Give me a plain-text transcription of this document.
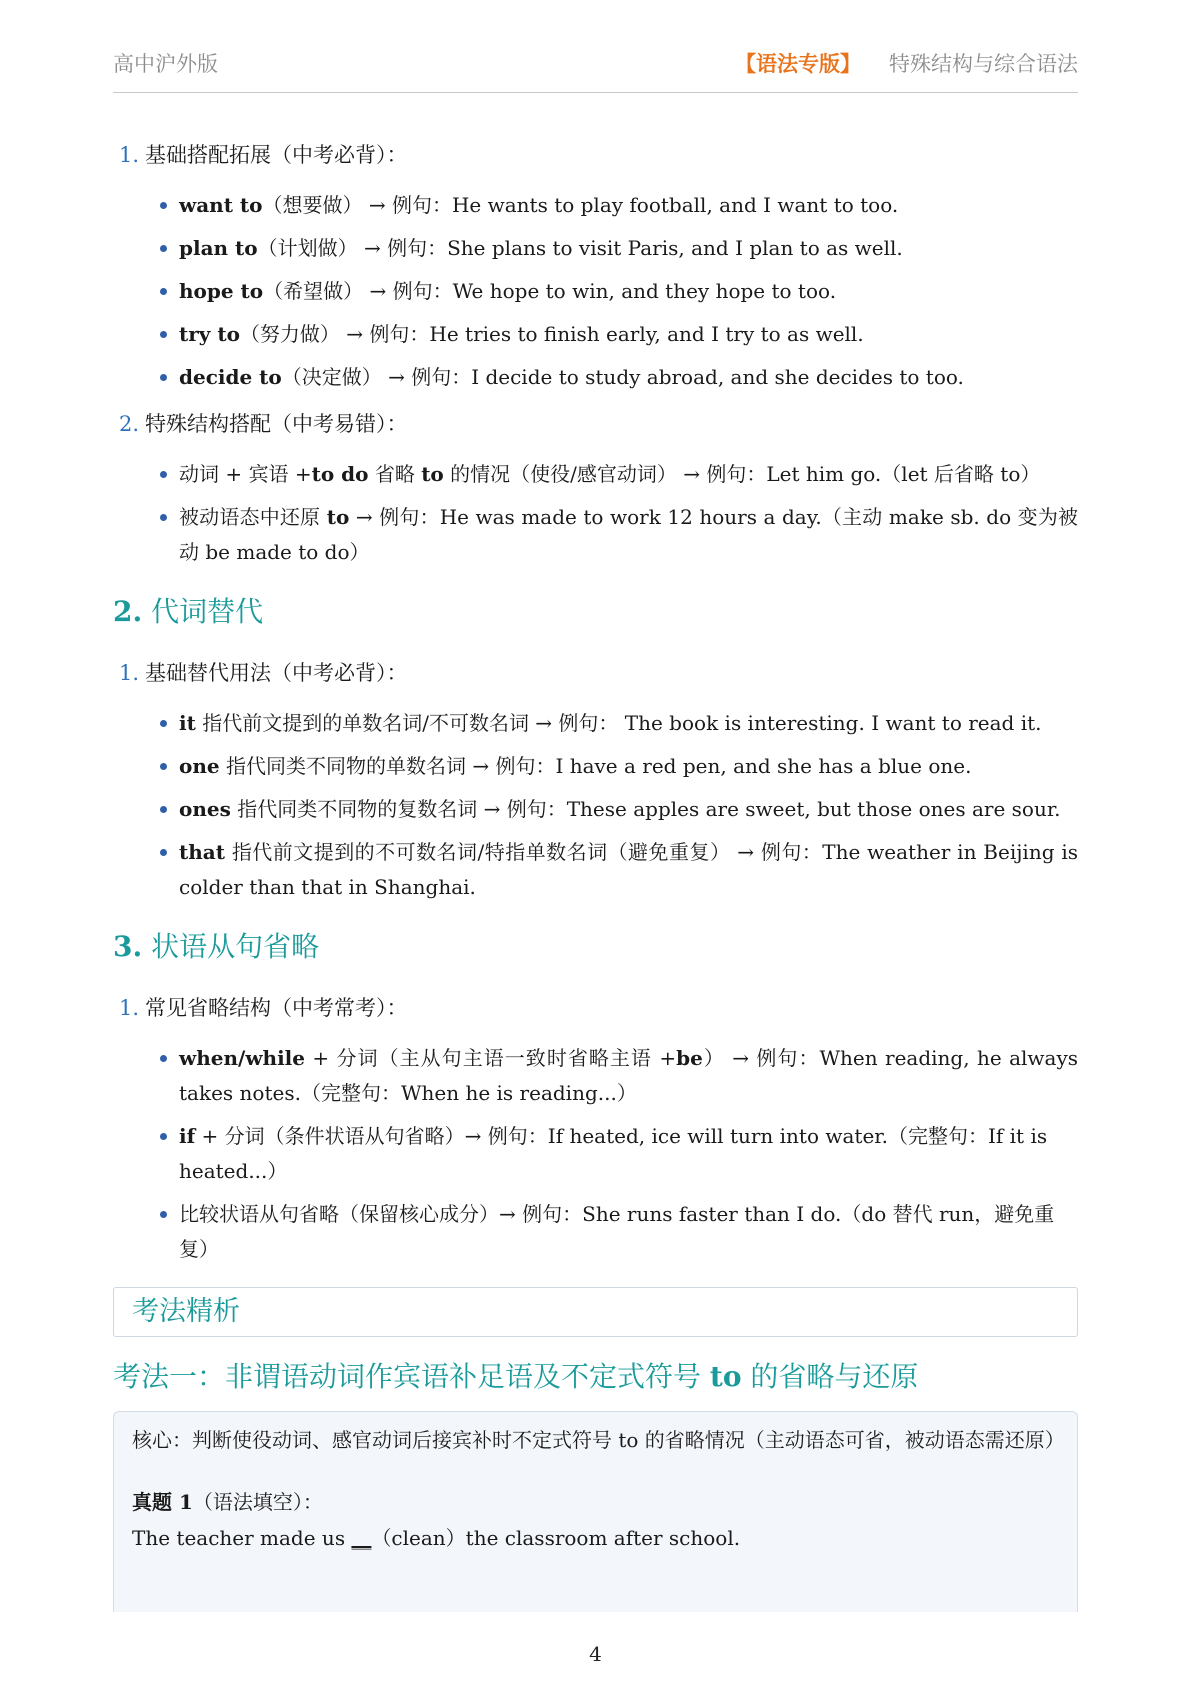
高中沪外版	【语法专版】 特殊结构与综合语法
1. 基础搭配拓展（中考必背）：
want to（想要做） → 例句：He wants to play football, and I want to too.
plan to（计划做） → 例句：She plans to visit Paris, and I plan to as well.
hope to（希望做） → 例句：We hope to win, and they hope to too.
try to（努力做） → 例句：He tries to finish early, and I try to as well.
decide to（决定做） → 例句：I decide to study abroad, and she decides to too.
2. 特殊结构搭配（中考易错）：
动词 + 宾语 +to do 省略 to 的情况（使役/感官动词） → 例句：Let him go.（let 后省略 to）
被动语态中还原 to → 例句：He was made to work 12 hours a day.（主动 make sb. do 变为被动 be made to do）
2. 代词替代
1. 基础替代用法（中考必背）：
it 指代前文提到的单数名词/不可数名词 → 例句： The book is interesting. I want to read it.
one 指代同类不同物的单数名词 → 例句：I have a red pen, and she has a blue one.
ones 指代同类不同物的复数名词 → 例句：These apples are sweet, but those ones are sour.
that 指代前文提到的不可数名词/特指单数名词（避免重复） → 例句：The weather in Beijing is colder than that in Shanghai.
3. 状语从句省略
1. 常见省略结构（中考常考）：
when/while + 分词（主从句主语一致时省略主语 +be） → 例句：When reading, he always takes notes.（完整句：When he is reading...）
if + 分词（条件状语从句省略）→ 例句：If heated, ice will turn into water.（完整句：If it is heated...）
比较状语从句省略（保留核心成分）→ 例句：She runs faster than I do.（do 替代 run，避免重复）
考法精析
考法一：非谓语动词作宾语补足语及不定式符号 to 的省略与还原

核心：判断使役动词、感官动词后接宾补时不定式符号 to 的省略情况（主动语态可省，被动语态需还原）

真题 1（语法填空）：

The teacher made us __（clean）the classroom after school.

4
